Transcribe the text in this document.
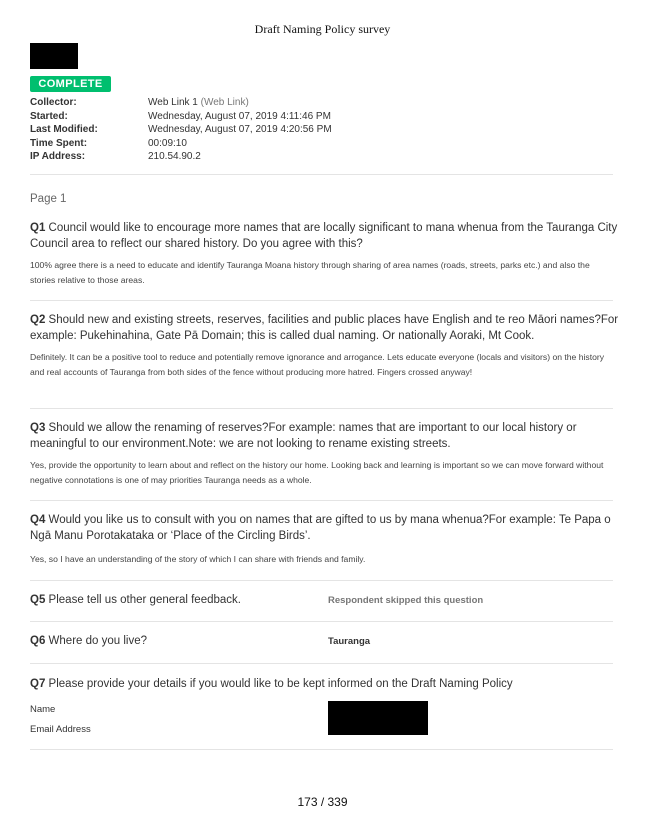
Draft Naming Policy survey
COMPLETE
Collector:	Web Link 1 (Web Link)
Started:	Wednesday, August 07, 2019 4:11:46 PM
Last Modified:	Wednesday, August 07, 2019 4:20:56 PM
Time Spent:	00:09:10
IP Address:	210.54.90.2
Page 1
Q1 Council would like to encourage more names that are locally significant to mana whenua from the Tauranga City Council area to reflect our shared history. Do you agree with this?
100% agree there is a need to educate and identify Tauranga Moana history through sharing of area names (roads, streets, parks etc.) and also the stories relative to those areas.
Q2 Should new and existing streets, reserves, facilities and public places have English and te reo Māori names?For example: Pukehinahina, Gate Pā Domain; this is called dual naming. Or nationally Aoraki, Mt Cook.
Definitely. It can be a positive tool to reduce and potentially remove ignorance and arrogance. Lets educate everyone (locals and visitors) on the history and real accounts of Tauranga from both sides of the fence without producing more hatred. Fingers crossed anyway!
Q3 Should we allow the renaming of reserves?For example: names that are important to our local history or meaningful to our environment.Note: we are not looking to rename existing streets.
Yes, provide the opportunity to learn about and reflect on the history our home. Looking back and learning is important so we can move forward without negative connotations is one of may priorities Tauranga needs as a whole.
Q4 Would you like us to consult with you on names that are gifted to us by mana whenua?For example: Te Papa o Ngā Manu Porotakataka or ‘Place of the Circling Birds’.
Yes, so I have an understanding of the story of which I can share with friends and family.
Q5 Please tell us other general feedback.	Respondent skipped this question
Q6 Where do you live?	Tauranga
Q7 Please provide your details if you would like to be kept informed on the Draft Naming Policy
Name
Email Address
173 / 339
